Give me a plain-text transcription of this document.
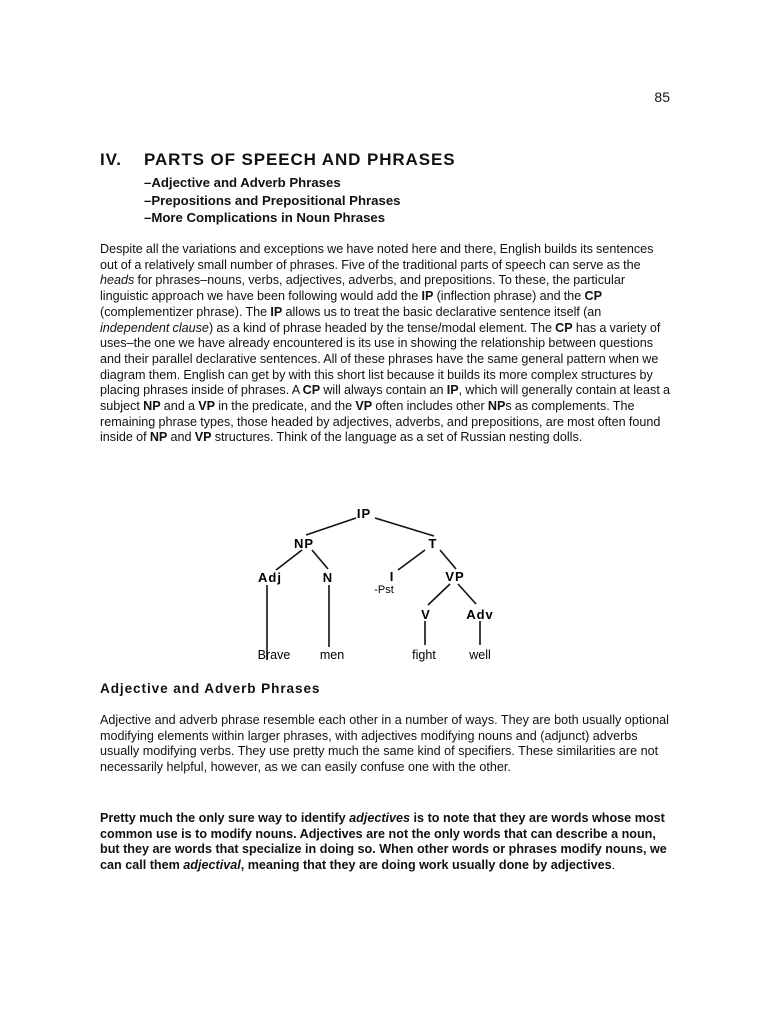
85
IV. PARTS OF SPEECH AND PHRASES
–Adjective and Adverb Phrases
–Prepositions and Prepositional Phrases
–More Complications in Noun Phrases

Despite all the variations and exceptions we have noted here and there, English builds its sentences out of a relatively small number of phrases. Five of the traditional parts of speech can serve as the heads for phrases–nouns, verbs, adjectives, adverbs, and prepositions. To these, the particular linguistic approach we have been following would add the IP (inflection phrase) and the CP (complementizer phrase). The IP allows us to treat the basic declarative sentence itself (an independent clause) as a kind of phrase headed by the tense/modal element. The CP has a variety of uses–the one we have already encountered is its use in showing the relationship between questions and their parallel declarative sentences. All of these phrases have the same general pattern when we diagram them. English can get by with this short list because it builds its more complex structures by placing phrases inside of phrases. A CP will always contain an IP, which will generally contain at least a subject NP and a VP in the predicate, and the VP often includes other NPs as complements. The remaining phrase types, those headed by adjectives, adverbs, and prepositions, are most often found inside of NP and VP structures. Think of the language as a set of Russian nesting dolls.

IP
NP	T
Adj	N	I
-Pst
VP
V	Adv
Brave men	fight	well
Adjective and Adverb Phrases

Adjective and adverb phrase resemble each other in a number of ways. They are both usually optional modifying elements within larger phrases, with adjectives modifying nouns and (adjunct) adverbs usually modifying verbs. They use pretty much the same kind of specifiers. These similarities are not necessarily helpful, however, as we can easily confuse one with the other.

Pretty much the only sure way to identify adjectives is to note that they are words whose most common use is to modify nouns. Adjectives are not the only words that can describe a noun, but they are words that specialize in doing so. When other words or phrases modify nouns, we can call them adjectival, meaning that they are doing work usually done by adjectives.
